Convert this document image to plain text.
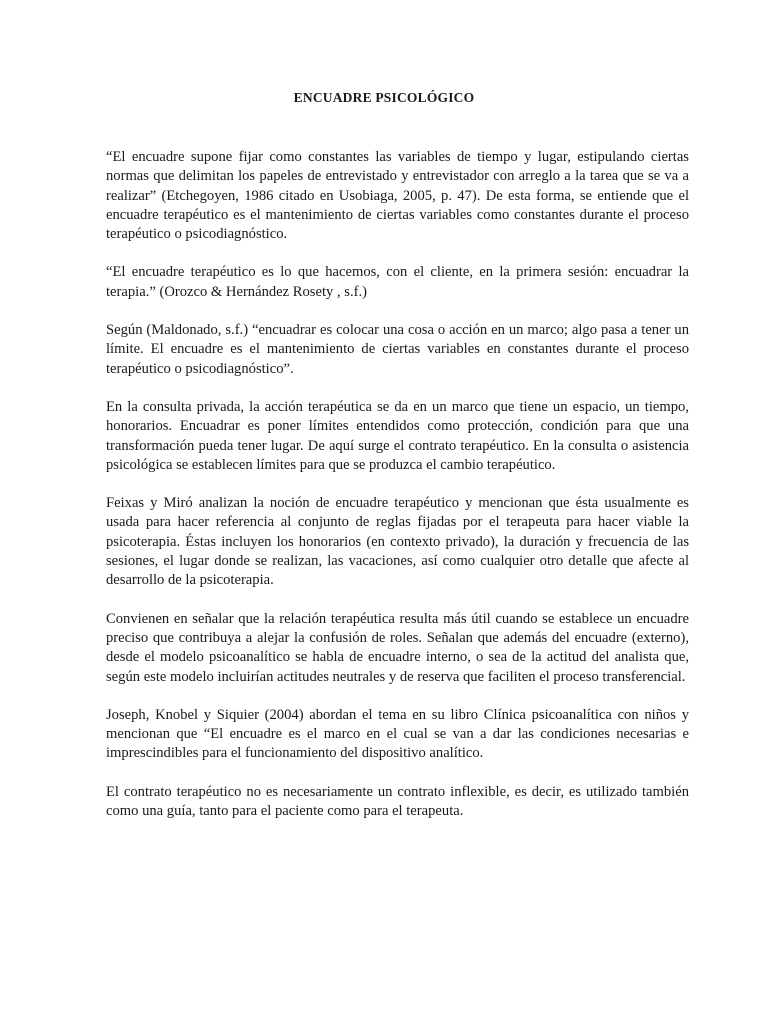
ENCUADRE PSICOLÓGICO

“El encuadre supone fijar como constantes las variables de tiempo y lugar, estipulando ciertas normas que delimitan los papeles de entrevistado y entrevistador con arreglo a la tarea que se va a realizar” (Etchegoyen, 1986 citado en Usobiaga, 2005, p. 47). De esta forma, se entiende que el encuadre terapéutico es el mantenimiento de ciertas variables como constantes durante el proceso terapéutico o psicodiagnóstico.

“El encuadre terapéutico es lo que hacemos, con el cliente, en la primera sesión: encuadrar la terapia.” (Orozco & Hernández Rosety , s.f.)

Según (Maldonado, s.f.) “encuadrar es colocar una cosa o acción en un marco; algo pasa a tener un límite. El encuadre es el mantenimiento de ciertas variables en constantes durante el proceso terapéutico o psicodiagnóstico”.

En la consulta privada, la acción terapéutica se da en un marco que tiene un espacio, un tiempo, honorarios. Encuadrar es poner límites entendidos como protección, condición para que una transformación pueda tener lugar. De aquí surge el contrato terapéutico. En la consulta o asistencia psicológica se establecen límites para que se produzca el cambio terapéutico.

Feixas y Miró analizan la noción de encuadre terapéutico y mencionan que ésta usualmente es usada para hacer referencia al conjunto de reglas fijadas por el terapeuta para hacer viable la psicoterapia. Éstas incluyen los honorarios (en contexto privado), la duración y frecuencia de las sesiones, el lugar donde se realizan, las vacaciones, así como cualquier otro detalle que afecte al desarrollo de la psicoterapia.

Convienen en señalar que la relación terapéutica resulta más útil cuando se establece un encuadre preciso que contribuya a alejar la confusión de roles. Señalan que además del encuadre (externo), desde el modelo psicoanalítico se habla de encuadre interno, o sea de la actitud del analista que, según este modelo incluirían actitudes neutrales y de reserva que faciliten el proceso transferencial.

Joseph, Knobel y Siquier (2004) abordan el tema en su libro Clínica psicoanalítica con niños y mencionan que “El encuadre es el marco en el cual se van a dar las condiciones necesarias e imprescindibles para el funcionamiento del dispositivo analítico.

El contrato terapéutico no es necesariamente un contrato inflexible, es decir, es utilizado también como una guía, tanto para el paciente como para el terapeuta.
